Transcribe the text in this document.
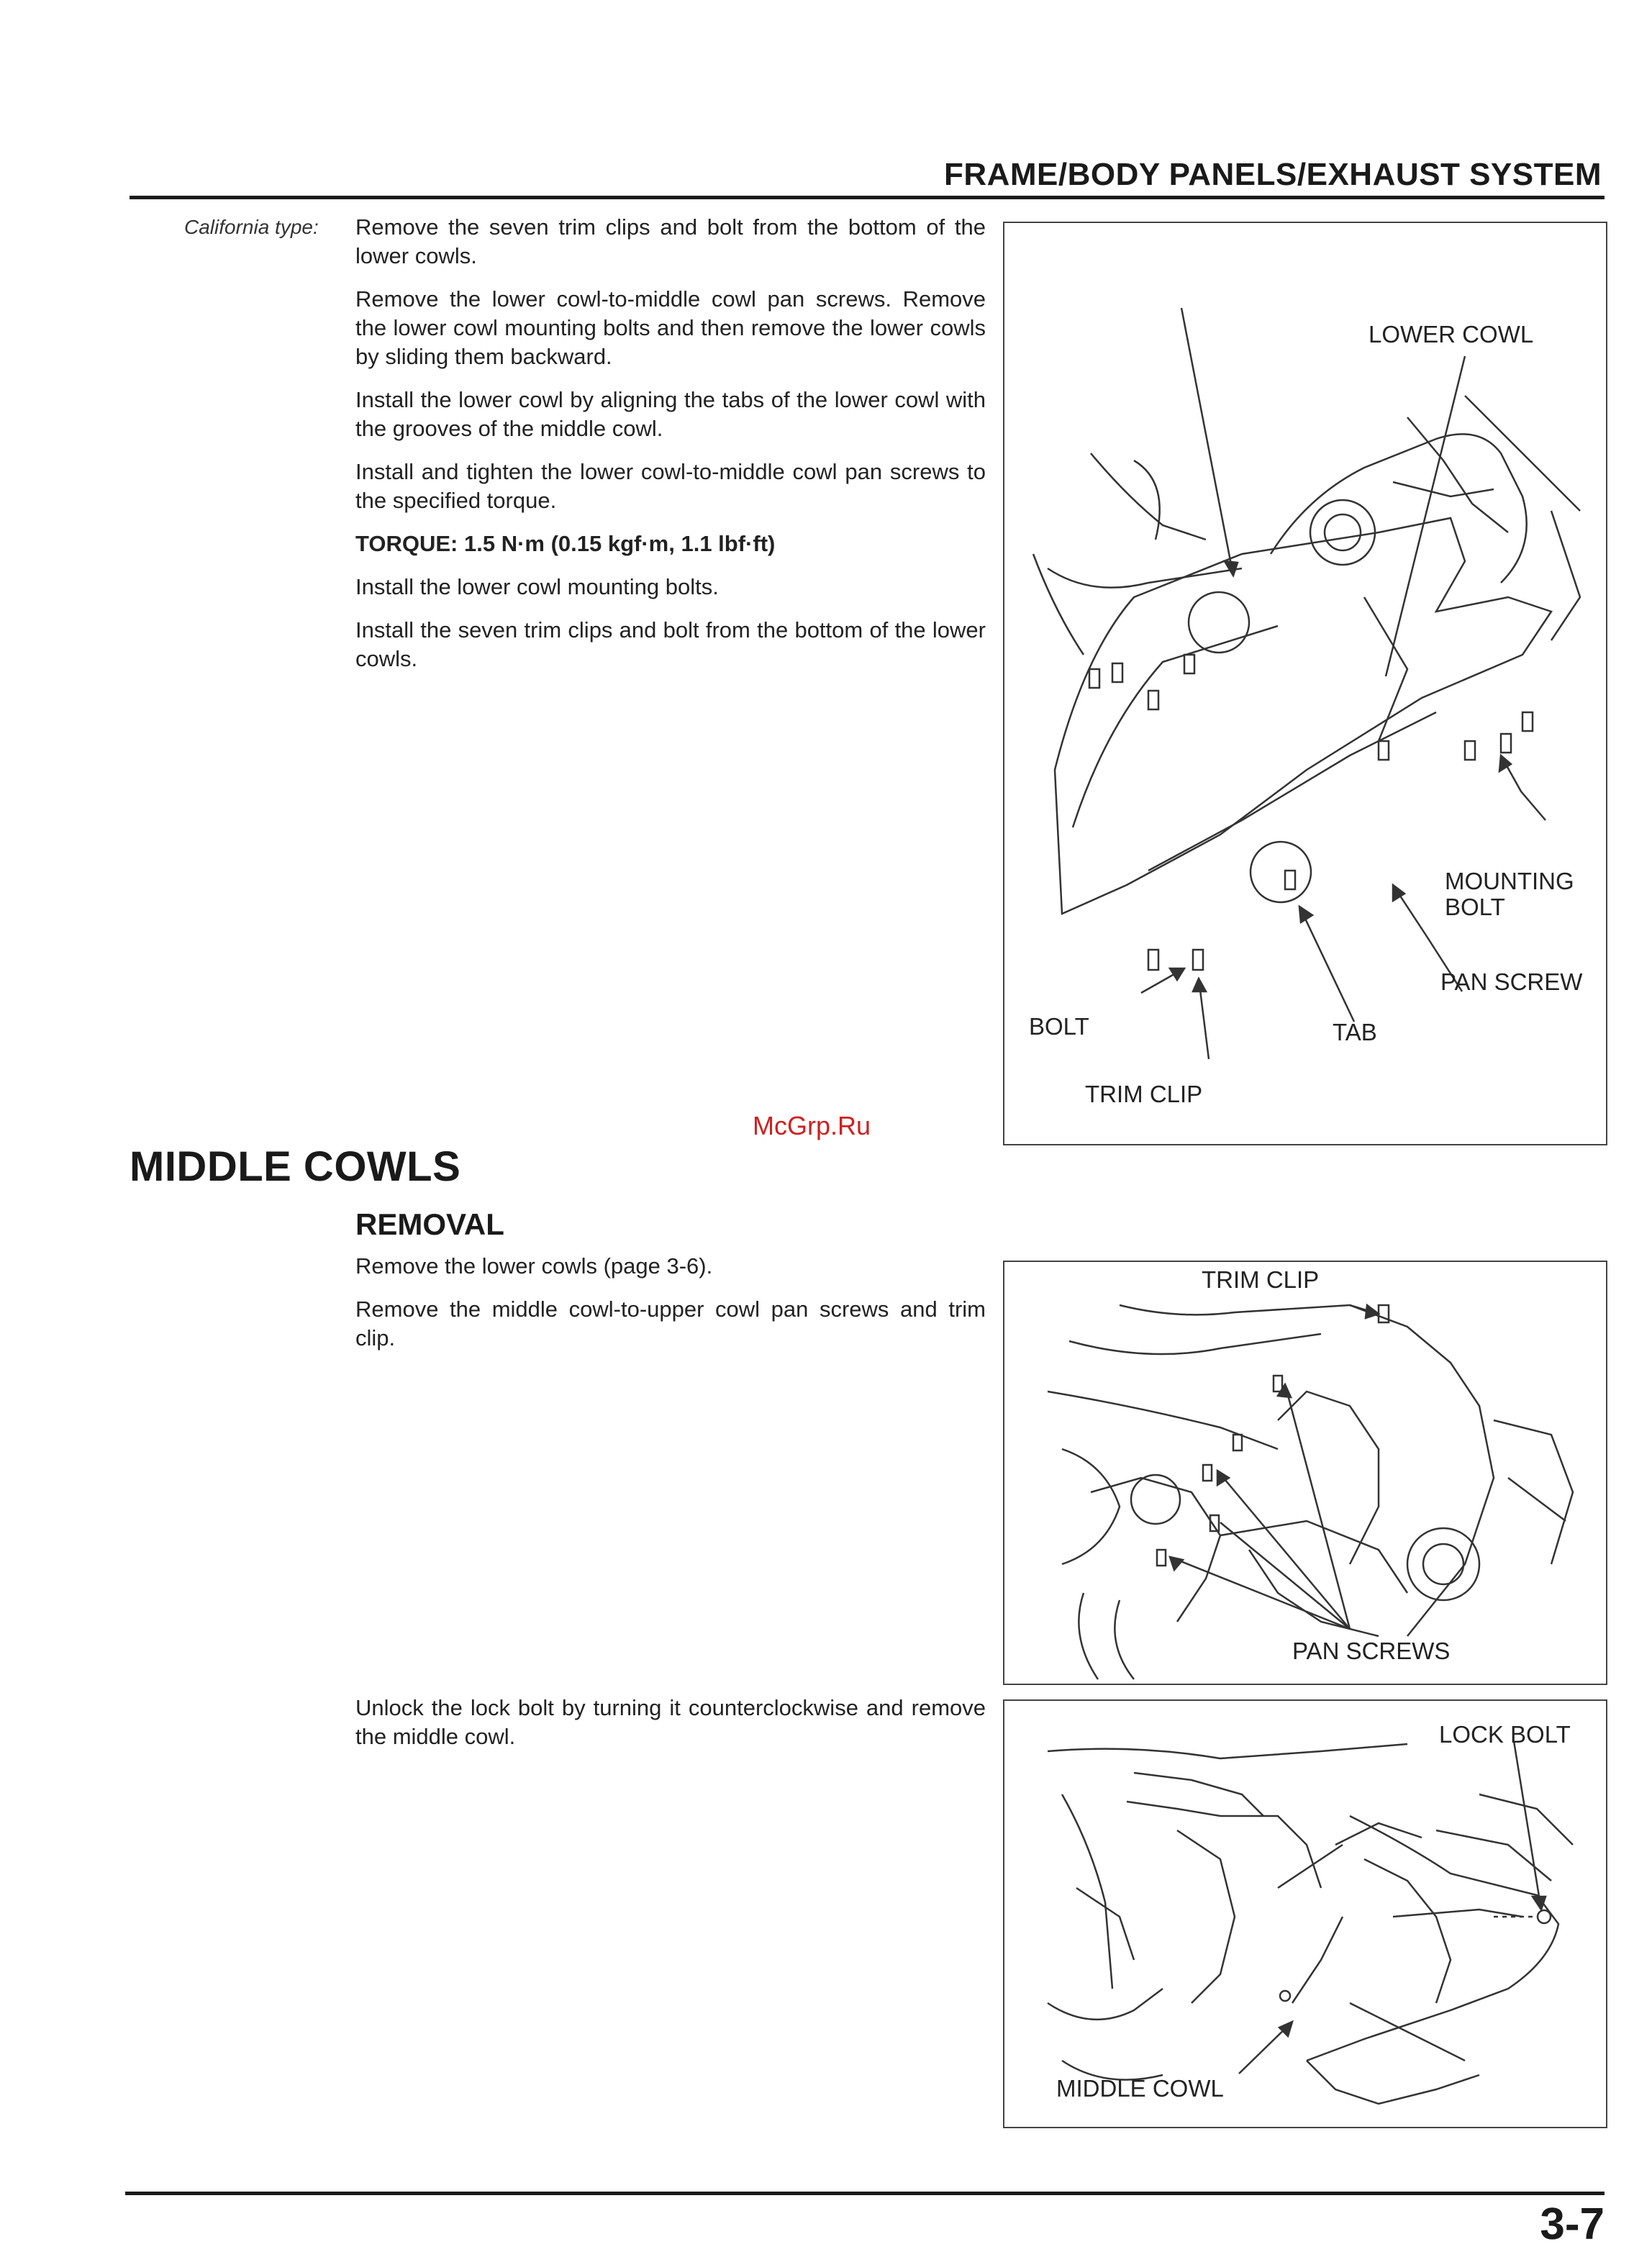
FRAME/BODY PANELS/EXHAUST SYSTEM
California type: Remove the seven trim clips and bolt from the bottom of the lower cowls.

Remove the lower cowl-to-middle cowl pan screws. Remove the lower cowl mounting bolts and then remove the lower cowls by sliding them backward.

Install the lower cowl by aligning the tabs of the lower cowl with the grooves of the middle cowl.

Install and tighten the lower cowl-to-middle cowl pan screws to the specified torque.

TORQUE: 1.5 N·m (0.15 kgf·m, 1.1 lbf·ft)

Install the lower cowl mounting bolts.

Install the seven trim clips and bolt from the bottom of the lower cowls.

LOWER COWL
MOUNTING
BOLT
PAN SCREW
BOLT	TAB
TRIM CLIP
McGrp.Ru
MIDDLE COWLS
REMOVAL

Remove the lower cowls (page 3-6).

Remove the middle cowl-to-upper cowl pan screws and trim clip.

TRIM CLIP
PAN SCREWS

Unlock the lock bolt by turning it counterclockwise and remove the middle cowl.	LOCK BOLT
MIDDLE COWL
3-7
